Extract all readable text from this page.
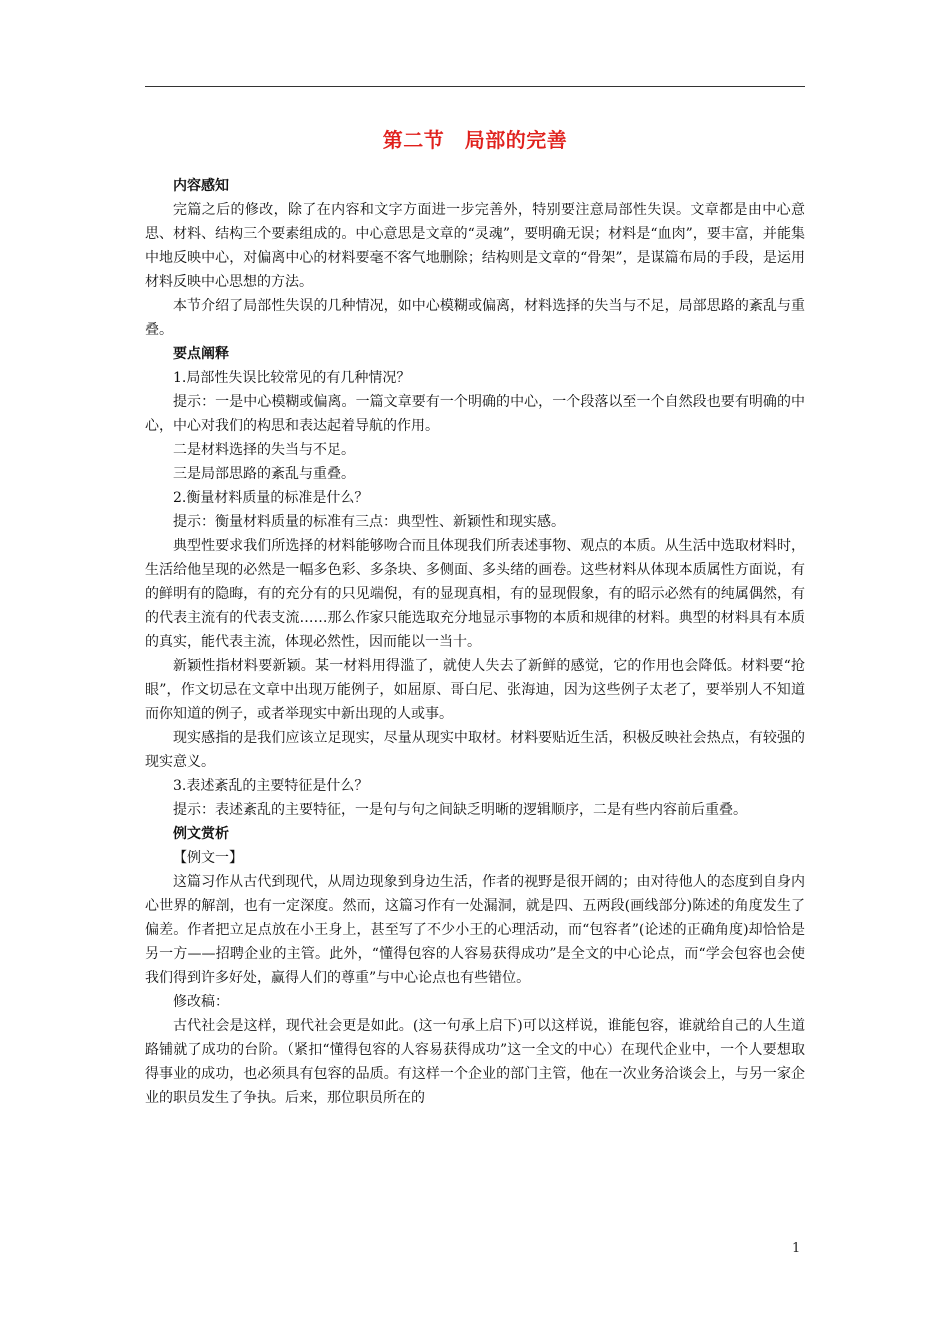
第二节　局部的完善

内容感知

完篇之后的修改，除了在内容和文字方面进一步完善外，特别要注意局部性失误。文章都是由中心意思、材料、结构三个要素组成的。中心意思是文章的“灵魂”，要明确无误；材料是“血肉”，要丰富，并能集中地反映中心，对偏离中心的材料要毫不客气地删除；结构则是文章的“骨架”，是谋篇布局的手段，是运用材料反映中心思想的方法。

本节介绍了局部性失误的几种情况，如中心模糊或偏离，材料选择的失当与不足，局部思路的紊乱与重叠。

要点阐释

1.局部性失误比较常见的有几种情况？

提示：一是中心模糊或偏离。一篇文章要有一个明确的中心，一个段落以至一个自然段也要有明确的中心，中心对我们的构思和表达起着导航的作用。

二是材料选择的失当与不足。

三是局部思路的紊乱与重叠。

2.衡量材料质量的标准是什么？

提示：衡量材料质量的标准有三点：典型性、新颖性和现实感。

典型性要求我们所选择的材料能够吻合而且体现我们所表述事物、观点的本质。从生活中选取材料时，生活给他呈现的必然是一幅多色彩、多条块、多侧面、多头绪的画卷。这些材料从体现本质属性方面说，有的鲜明有的隐晦，有的充分有的只见端倪，有的显现真相，有的显现假象，有的昭示必然有的纯属偶然，有的代表主流有的代表支流……那么作家只能选取充分地显示事物的本质和规律的材料。典型的材料具有本质的真实，能代表主流，体现必然性，因而能以一当十。

新颖性指材料要新颖。某一材料用得滥了，就使人失去了新鲜的感觉，它的作用也会降低。材料要“抢眼”，作文切忌在文章中出现万能例子，如屈原、哥白尼、张海迪，因为这些例子太老了，要举别人不知道而你知道的例子，或者举现实中新出现的人或事。

现实感指的是我们应该立足现实，尽量从现实中取材。材料要贴近生活，积极反映社会热点，有较强的现实意义。

3.表述紊乱的主要特征是什么？

提示：表述紊乱的主要特征，一是句与句之间缺乏明晰的逻辑顺序，二是有些内容前后重叠。

例文赏析

【例文一】

这篇习作从古代到现代，从周边现象到身边生活，作者的视野是很开阔的；由对待他人的态度到自身内心世界的解剖，也有一定深度。然而，这篇习作有一处漏洞，就是四、五两段(画线部分)陈述的角度发生了偏差。作者把立足点放在小王身上，甚至写了不少小王的心理活动，而“包容者”(论述的正确角度)却恰恰是另一方——招聘企业的主管。此外，“懂得包容的人容易获得成功”是全文的中心论点，而“学会包容也会使我们得到许多好处，赢得人们的尊重”与中心论点也有些错位。

修改稿：

古代社会是这样，现代社会更是如此。(这一句承上启下)可以这样说，谁能包容，谁就给自己的人生道路铺就了成功的台阶。（紧扣“懂得包容的人容易获得成功”这一全文的中心）在现代企业中，一个人要想取得事业的成功，也必须具有包容的品质。有这样一个企业的部门主管，他在一次业务洽谈会上，与另一家企业的职员发生了争执。后来，那位职员所在的

1
